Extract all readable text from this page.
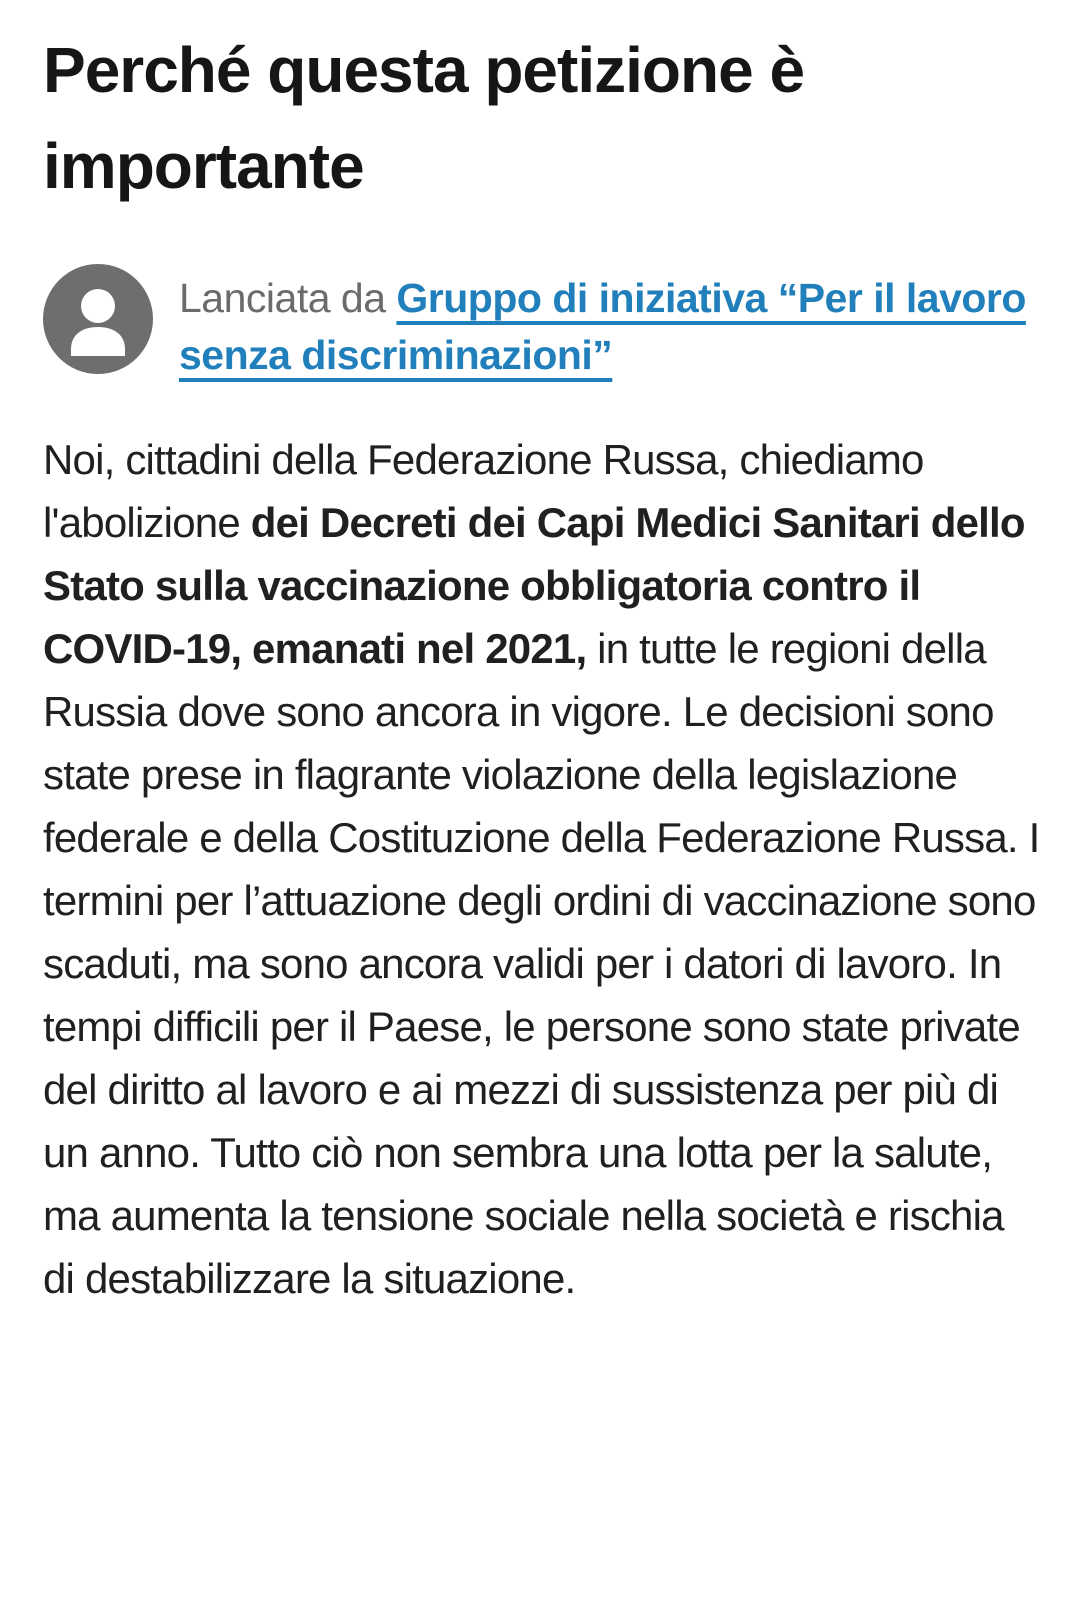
Perché questa petizione è importante

Lanciata da Gruppo di iniziativa “Per il lavoro senza discriminazioni”

Noi, cittadini della Federazione Russa, chiediamo l'abolizione dei Decreti dei Capi Medici Sanitari dello Stato sulla vaccinazione obbligatoria contro il COVID-19, emanati nel 2021, in tutte le regioni della Russia dove sono ancora in vigore. Le decisioni sono state prese in flagrante violazione della legislazione federale e della Costituzione della Federazione Russa. I termini per l’attuazione degli ordini di vaccinazione sono scaduti, ma sono ancora validi per i datori di lavoro. In tempi difficili per il Paese, le persone sono state private del diritto al lavoro e ai mezzi di sussistenza per più di un anno. Tutto ciò non sembra una lotta per la salute, ma aumenta la tensione sociale nella società e rischia di destabilizzare la situazione.
